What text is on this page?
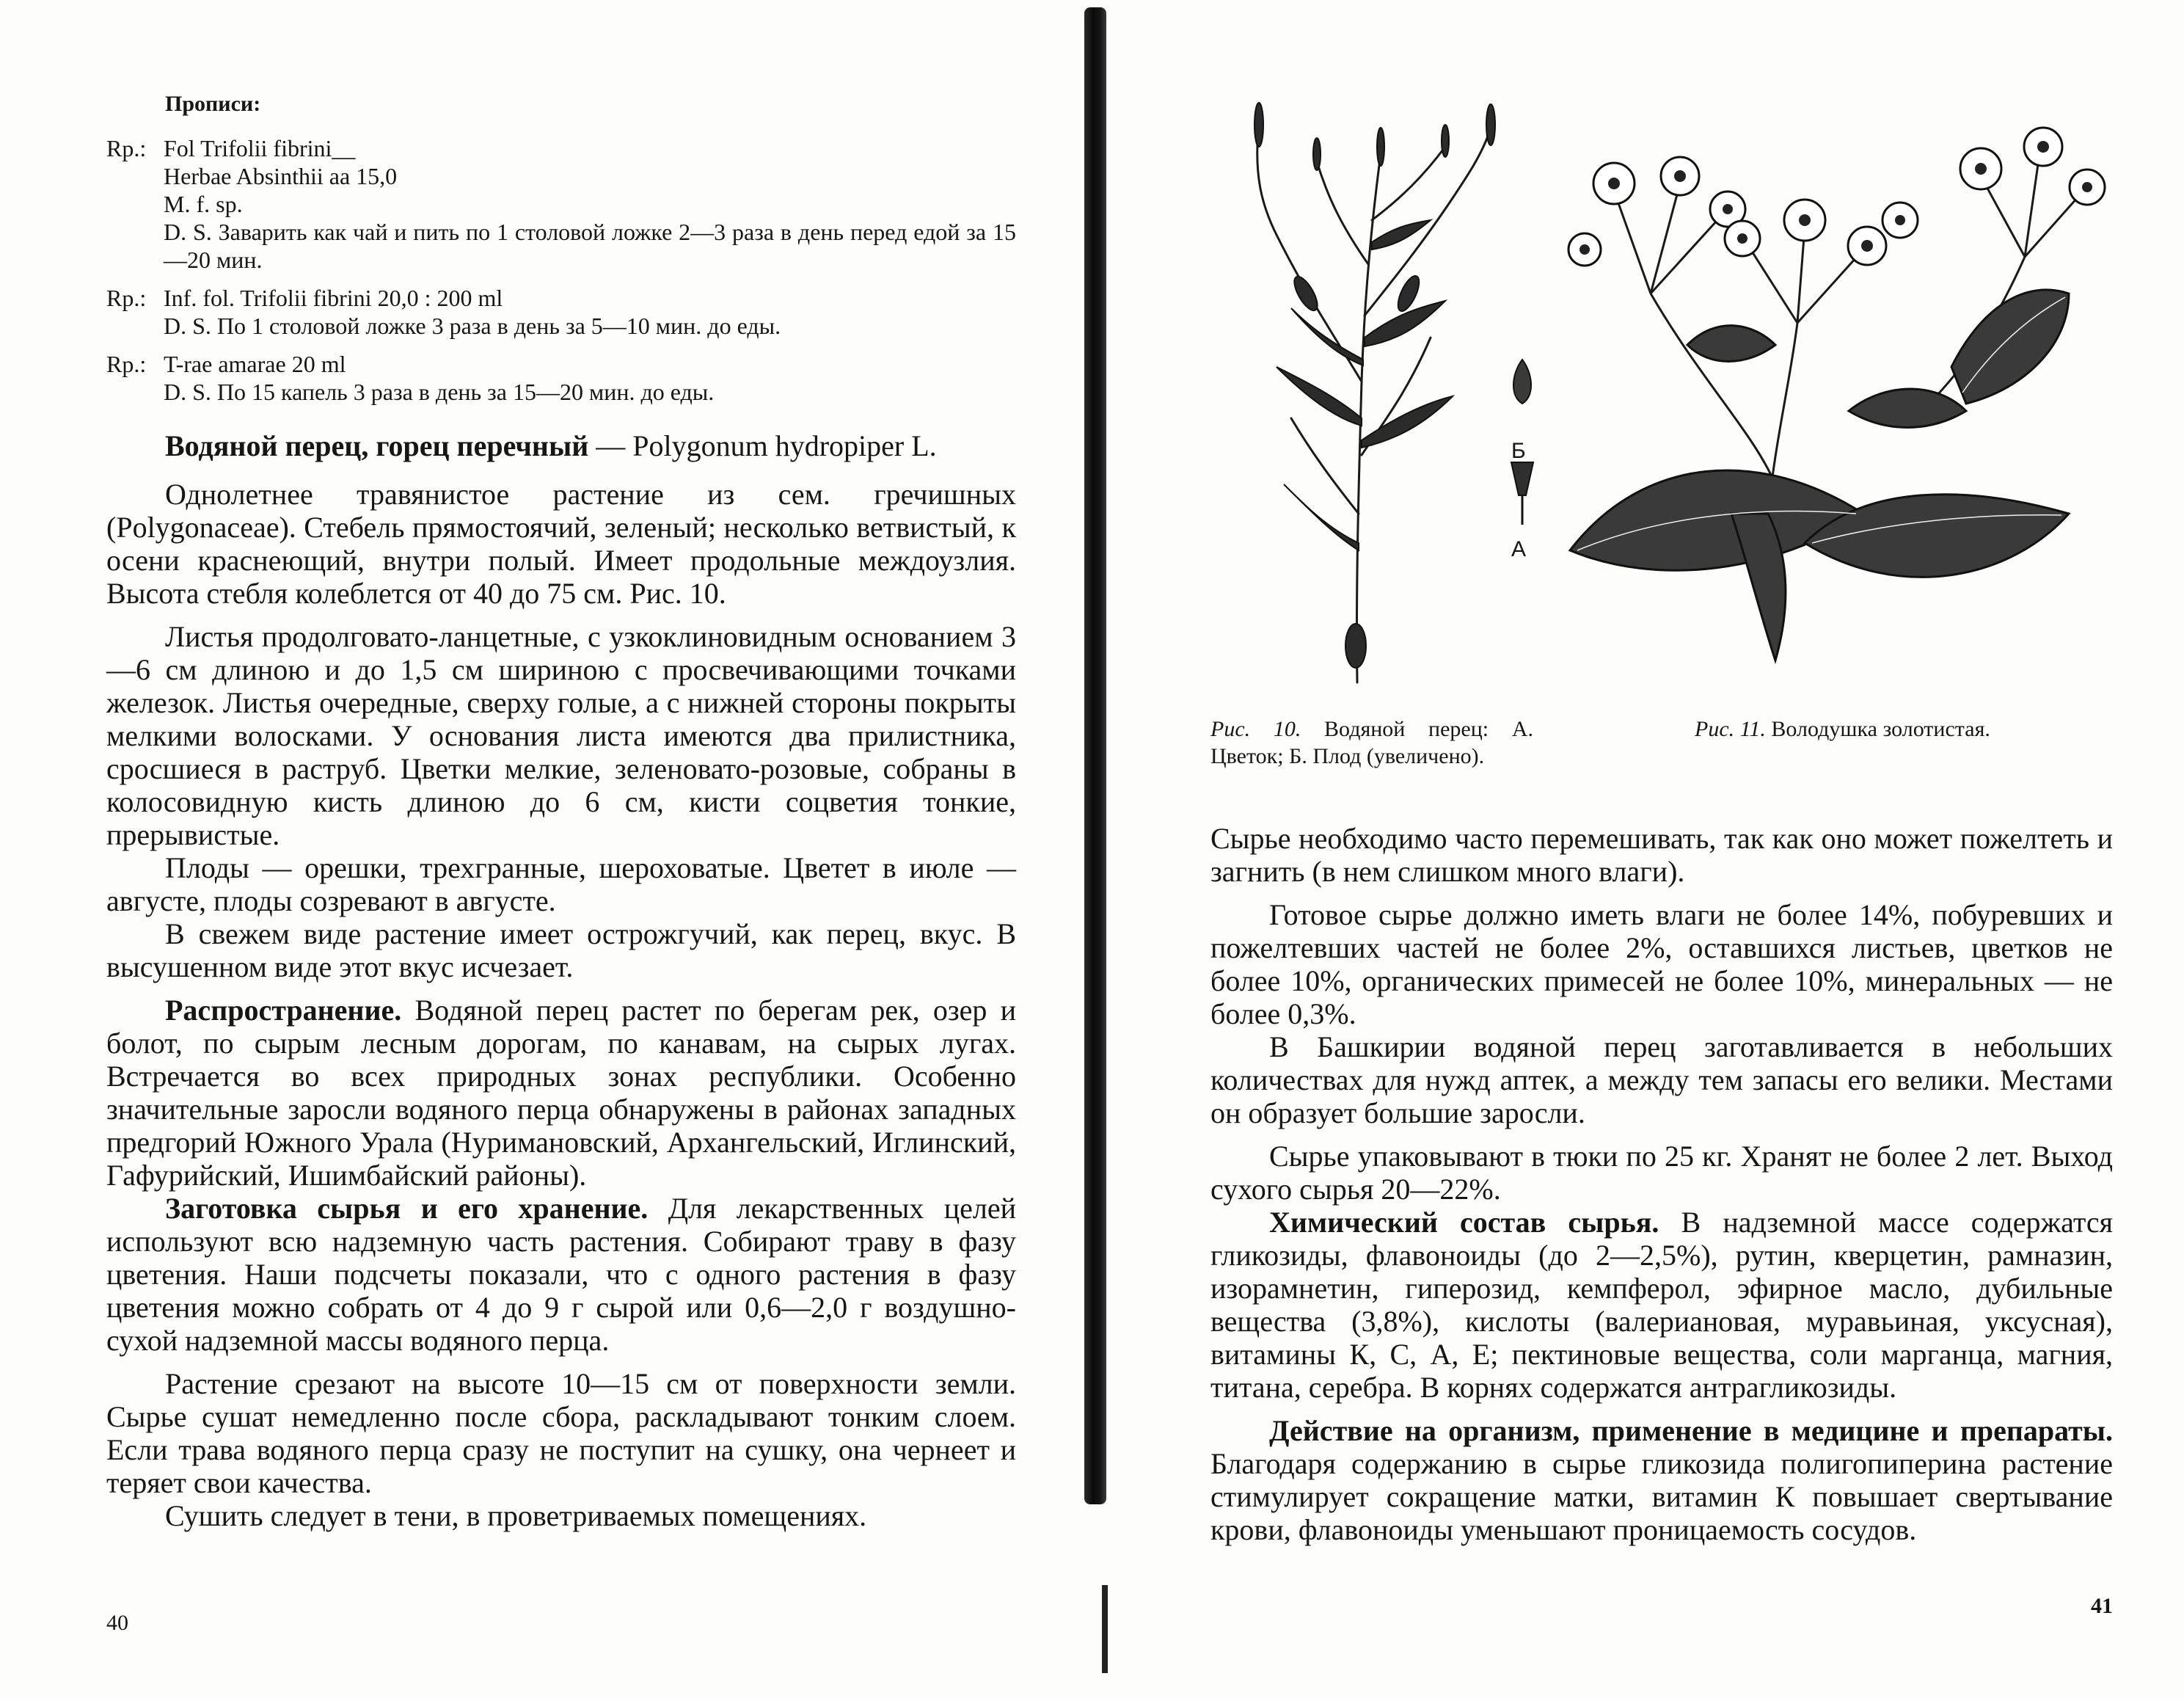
Прописи:
Rp.: Fol Trifolii fibrini__
Herbae Absinthii aa 15,0
M. f. sp.
D. S. Заварить как чай и пить по 1 столовой ложке 2—3 раза в день перед едой за 15—20 мин.
Rp.: Inf. fol. Trifolii fibrini 20,0 : 200 ml
D. S. По 1 столовой ложке 3 раза в день за 5—10 мин. до еды.
Rp.: T-rae amarae 20 ml
D. S. По 15 капель 3 раза в день за 15—20 мин. до еды.
Водяной перец, горец перечный — Polygonum hydropiper L.

Однолетнее травянистое растение из сем. гречишных (Polygonaceae). Стебель прямостоячий, зеленый; несколько ветвистый, к осени краснеющий, внутри полый. Имеет продольные междоузлия. Высота стебля колеблется от 40 до 75 см. Рис. 10.

Листья продолговато-ланцетные, с узкоклиновидным основанием 3—6 см длиною и до 1,5 см шириною с просвечивающими точками железок. Листья очередные, сверху голые, а с нижней стороны покрыты мелкими волосками. У основания листа имеются два прилистника, сросшиеся в раструб. Цветки мелкие, зеленовато-розовые, собраны в колосовидную кисть длиною до 6 см, кисти соцветия тонкие, прерывистые.

Плоды — орешки, трехгранные, шероховатые. Цветет в июле — августе, плоды созревают в августе.

В свежем виде растение имеет острожгучий, как перец, вкус. В высушенном виде этот вкус исчезает.

Распространение. Водяной перец растет по берегам рек, озер и болот, по сырым лесным дорогам, по канавам, на сырых лугах. Встречается во всех природных зонах республики. Особенно значительные заросли водяного перца обнаружены в районах западных предгорий Южного Урала (Нуримановский, Архангельский, Иглинский, Гафурийский, Ишимбайский районы).

Заготовка сырья и его хранение. Для лекарственных целей используют всю надземную часть растения. Собирают траву в фазу цветения. Наши подсчеты показали, что с одного растения в фазу цветения можно собрать от 4 до 9 г сырой или 0,6—2,0 г воздушно-сухой надземной массы водяного перца.

Растение срезают на высоте 10—15 см от поверхности земли. Сырье сушат немедленно после сбора, раскладывают тонким слоем. Если трава водяного перца сразу не поступит на сушку, она чернеет и теряет свои качества.

Сушить следует в тени, в проветриваемых помещениях.

40
Б
А
Рис. 10. Водяной перец: А. Цветок; Б. Плод (увеличено).
Рис. 11. Володушка золотистая.

Сырье необходимо часто перемешивать, так как оно может пожелтеть и загнить (в нем слишком много влаги).

Готовое сырье должно иметь влаги не более 14%, побуревших и пожелтевших частей не более 2%, оставшихся листьев, цветков не более 10%, органических примесей не более 10%, минеральных — не более 0,3%.

В Башкирии водяной перец заготавливается в небольших количествах для нужд аптек, а между тем запасы его велики. Местами он образует большие заросли.

Сырье упаковывают в тюки по 25 кг. Хранят не более 2 лет. Выход сухого сырья 20—22%.

Химический состав сырья. В надземной массе содержатся гликозиды, флавоноиды (до 2—2,5%), рутин, кверцетин, рамназин, изорамнетин, гиперозид, кемпферол, эфирное масло, дубильные вещества (3,8%), кислоты (валериановая, муравьиная, уксусная), витамины К, С, А, Е; пектиновые вещества, соли марганца, магния, титана, серебра. В корнях содержатся антрагликозиды.

Действие на организм, применение в медицине и препараты. Благодаря содержанию в сырье гликозида полигопиперина растение стимулирует сокращение матки, витамин К повышает свертывание крови, флавоноиды уменьшают проницаемость сосудов.

41
